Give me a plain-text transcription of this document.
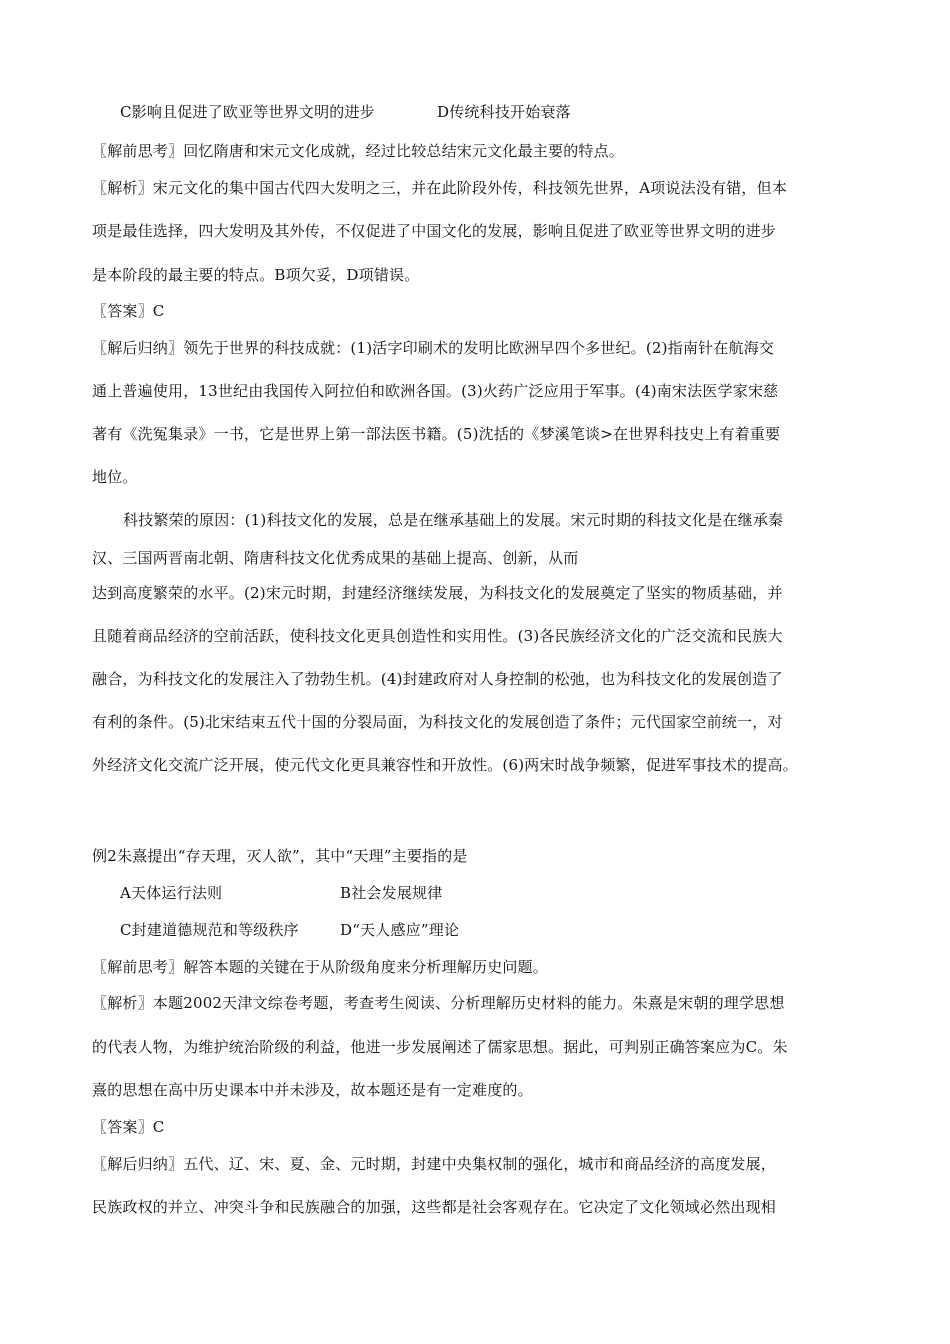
C影响且促进了欧亚等世界文明的进步	D传统科技开始衰落
〖解前思考〗回忆隋唐和宋元文化成就，经过比较总结宋元文化最主要的特点。
〖解析〗宋元文化的集中国古代四大发明之三，并在此阶段外传，科技领先世界，A项说法没有错，但本
项是最佳选择，四大发明及其外传，不仅促进了中国文化的发展，影响且促进了欧亚等世界文明的进步
是本阶段的最主要的特点。B项欠妥，D项错误。
〖答案〗C
〖解后归纳〗领先于世界的科技成就：(1)活字印刷术的发明比欧洲早四个多世纪。(2)指南针在航海交
通上普遍使用，13世纪由我国传入阿拉伯和欧洲各国。(3)火药广泛应用于军事。(4)南宋法医学家宋慈
著有《洗冤集录》一书，它是世界上第一部法医书籍。(5)沈括的《梦溪笔谈>在世界科技史上有着重要
地位。
科技繁荣的原因：(1)科技文化的发展，总是在继承基础上的发展。宋元时期的科技文化是在继承秦
汉、三国两晋南北朝、隋唐科技文化优秀成果的基础上提高、创新，从而
达到高度繁荣的水平。(2)宋元时期，封建经济继续发展，为科技文化的发展奠定了坚实的物质基础，并
且随着商品经济的空前活跃，使科技文化更具创造性和实用性。(3)各民族经济文化的广泛交流和民族大
融合，为科技文化的发展注入了勃勃生机。(4)封建政府对人身控制的松弛，也为科技文化的发展创造了
有利的条件。(5)北宋结束五代十国的分裂局面，为科技文化的发展创造了条件；元代国家空前统一，对
外经济文化交流广泛开展，使元代文化更具兼容性和开放性。(6)两宋时战争频繁，促进军事技术的提高。
例2朱熹提出“存天理，灭人欲”，其中“天理”主要指的是
A天体运行法则	B社会发展规律
C封建道德规范和等级秩序	D“天人感应”理论
〖解前思考〗解答本题的关键在于从阶级角度来分析理解历史问题。
〖解析〗本题2002天津文综卷考题，考查考生阅读、分析理解历史材料的能力。朱熹是宋朝的理学思想
的代表人物，为维护统治阶级的利益，他进一步发展阐述了儒家思想。据此，可判别正确答案应为C。朱
熹的思想在高中历史课本中并未涉及，故本题还是有一定难度的。
〖答案〗C
〖解后归纳〗五代、辽、宋、夏、金、元时期，封建中央集权制的强化，城市和商品经济的高度发展，
民族政权的并立、冲突斗争和民族融合的加强，这些都是社会客观存在。它决定了文化领域必然出现相
